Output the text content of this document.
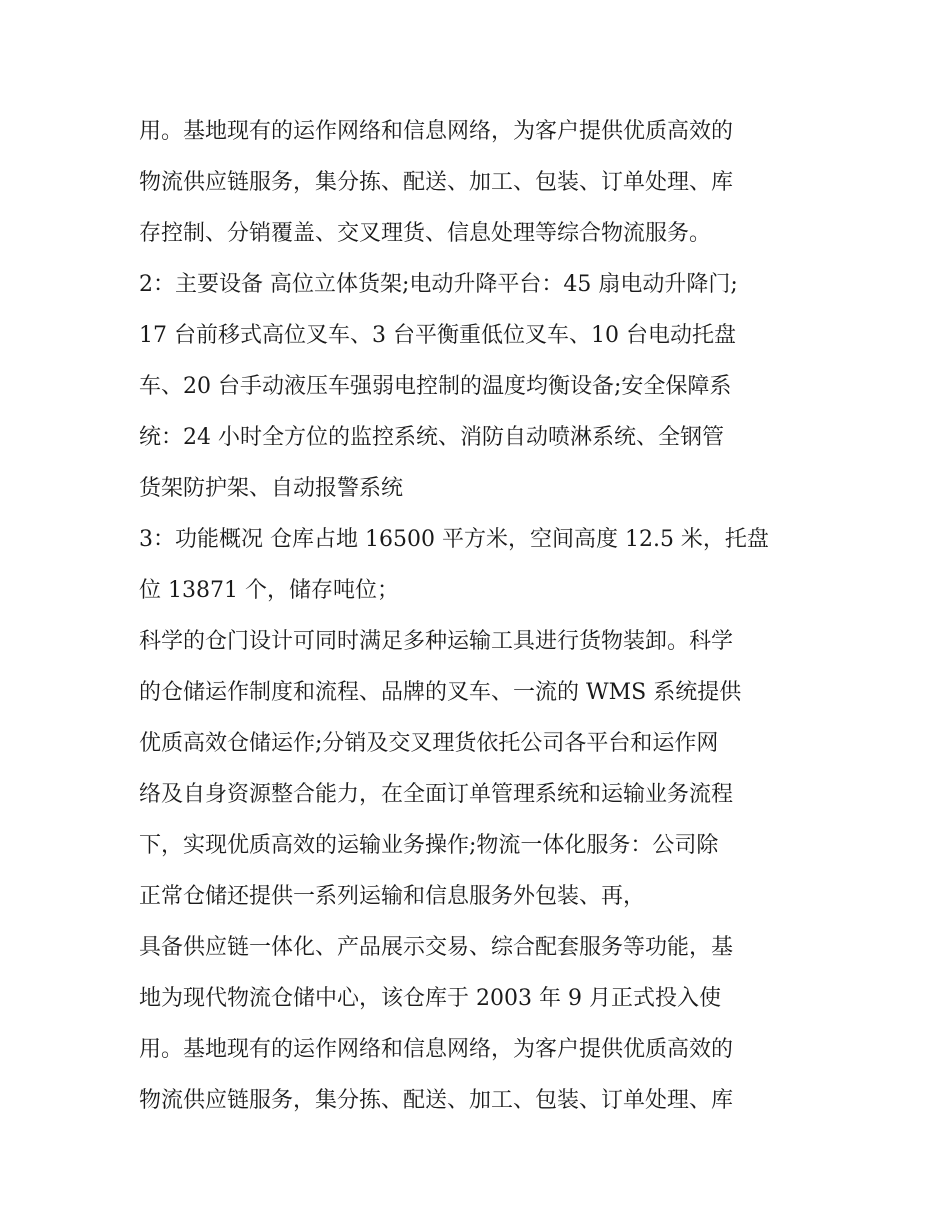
用。基地现有的运作网络和信息网络，为客户提供优质高效的
物流供应链服务，集分拣、配送、加工、包装、订单处理、库
存控制、分销覆盖、交叉理货、信息处理等综合物流服务。
2：主要设备 高位立体货架;电动升降平台：45 扇电动升降门;
17 台前移式高位叉车、3 台平衡重低位叉车、10 台电动托盘
车、20 台手动液压车强弱电控制的温度均衡设备;安全保障系
统：24 小时全方位的监控系统、消防自动喷淋系统、全钢管
货架防护架、自动报警系统
3：功能概况 仓库占地 16500 平方米，空间高度 12.5 米，托盘
位 13871 个，储存吨位；
科学的仓门设计可同时满足多种运输工具进行货物装卸。科学
的仓储运作制度和流程、品牌的叉车、一流的 WMS 系统提供
优质高效仓储运作;分销及交叉理货依托公司各平台和运作网
络及自身资源整合能力，在全面订单管理系统和运输业务流程
下，实现优质高效的运输业务操作;物流一体化服务：公司除
正常仓储还提供一系列运输和信息服务外包装、再，
具备供应链一体化、产品展示交易、综合配套服务等功能，基
地为现代物流仓储中心，该仓库于 2003 年 9 月正式投入使
用。基地现有的运作网络和信息网络，为客户提供优质高效的
物流供应链服务，集分拣、配送、加工、包装、订单处理、库
